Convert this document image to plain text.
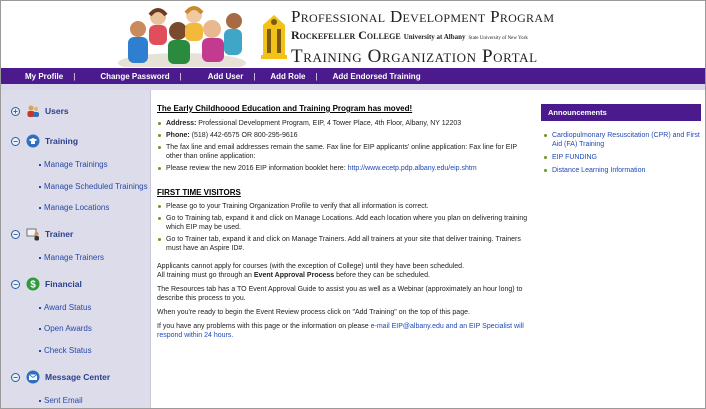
Professional Development Program
Rockefeller College University at Albany State University of New York
Training Organization Portal
My Profile |	Change Password |	Add User | Add Role | Add Endorsed Training
+	Users
−	Training
Manage Trainings
Manage Scheduled Trainings
Manage Locations
−	Trainer
Manage Trainers
− $ Financial
Award Status
Open Awards
Check Status
−	Message Center
Sent Email
The Early Childhoood Education and Training Program has moved!
Address: Professional Development Program, EIP, 4 Tower Place, 4th Floor, Albany, NY 12203
Phone: (518) 442-6575 OR 800-295-9616
The fax line and email addresses remain the same. Fax line for EIP applicants' online application: Fax line for EIP other than online application:
Please review the new 2016 EIP information booklet here: http://www.ecetp.pdp.albany.edu/eip.shtm
FIRST TIME VISITORS
Please go to your Training Organization Profile to verify that all information is correct.
Go to Training tab, expand it and click on Manage Locations. Add each location where you plan on delivering training which EIP may be used.
Go to Trainer tab, expand it and click on Manage Trainers. Add all trainers at your site that deliver training. Trainers must have an Aspire ID#.

Applicants cannot apply for courses (with the exception of College) until they have been scheduled.

All training must go through an Event Approval Process before they can be scheduled.

The Resources tab has a TO Event Approval Guide to assist you as well as a Webinar (approximately an hour long) to describe this process to you.

When you're ready to begin the Event Review process click on "Add Training" on the top of this page.

If you have any problems with this page or the information on please e-mail EIP@albany.edu and an EIP Specialist will respond within 24 hours.

Announcements
Cardiopulmonary Resuscitation (CPR) and First Aid (FA) Training
EIP FUNDING
Distance Learning Information
